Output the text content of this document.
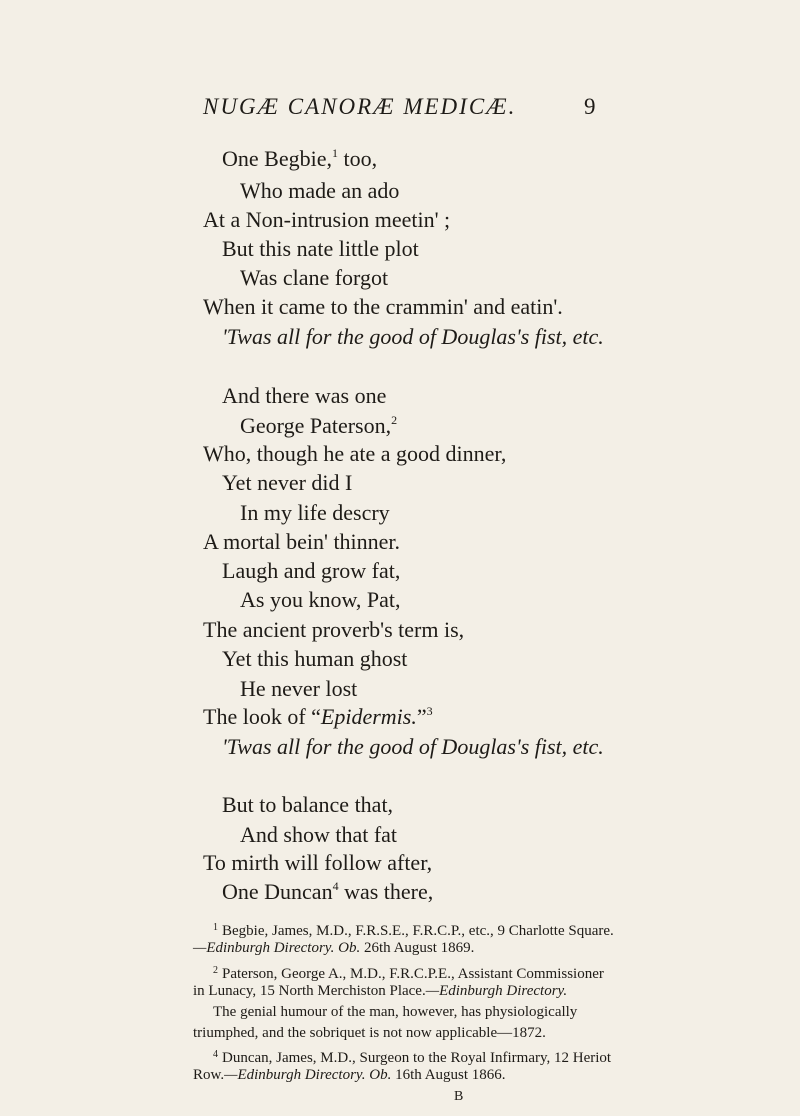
NUGÆ CANORÆ MEDICÆ.	9
One Begbie,$^1$ too,
Who made an ado
At a Non-intrusion meetin' ;
But this nate little plot
Was clane forgot
When it came to the crammin' and eatin'.
'Twas all for the good of Douglas's fist, etc.
And there was one
George Paterson,$^2$
Who, though he ate a good dinner,
Yet never did I
In my life descry
A mortal bein' thinner.
Laugh and grow fat,
As you know, Pat,
The ancient proverb's term is,
Yet this human ghost
He never lost
The look of “Epidermis.”$^3$
'Twas all for the good of Douglas's fist, etc.
But to balance that,
And show that fat
To mirth will follow after,
One Duncan$^4$ was there,
$^1$ Begbie, James, M.D., F.R.S.E., F.R.C.P., etc., 9 Charlotte Square.
—Edinburgh Directory. Ob. 26th August 1869.
$^2$ Paterson, George A., M.D., F.R.C.P.E., Assistant Commissioner
in Lunacy, 15 North Merchiston Place.—Edinburgh Directory.
The genial humour of the man, however, has physiologically
triumphed, and the sobriquet is not now applicable—1872.
$^4$ Duncan, James, M.D., Surgeon to the Royal Infirmary, 12 Heriot
Row.—Edinburgh Directory. Ob. 16th August 1866.
B
